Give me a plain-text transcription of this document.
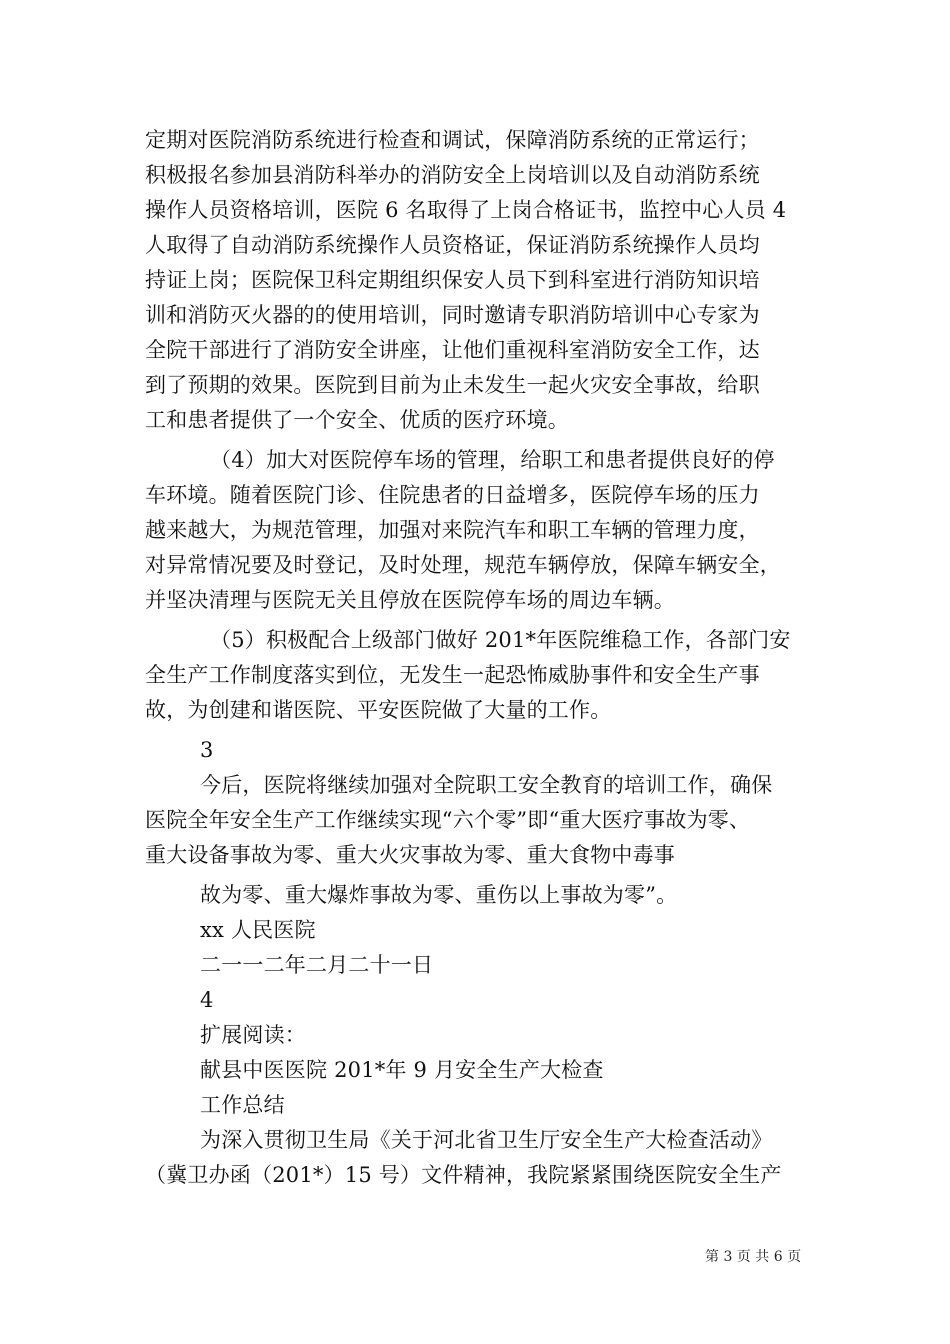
定期对医院消防系统进行检查和调试，保障消防系统的正常运行；
积极报名参加县消防科举办的消防安全上岗培训以及自动消防系统
操作人员资格培训，医院 6 名取得了上岗合格证书，监控中心人员 4
人取得了自动消防系统操作人员资格证，保证消防系统操作人员均
持证上岗；医院保卫科定期组织保安人员下到科室进行消防知识培
训和消防灭火器的的使用培训，同时邀请专职消防培训中心专家为
全院干部进行了消防安全讲座，让他们重视科室消防安全工作，达
到了预期的效果。医院到目前为止未发生一起火灾安全事故，给职
工和患者提供了一个安全、优质的医疗环境。
（4）加大对医院停车场的管理，给职工和患者提供良好的停
车环境。随着医院门诊、住院患者的日益增多，医院停车场的压力
越来越大，为规范管理，加强对来院汽车和职工车辆的管理力度，
对异常情况要及时登记，及时处理，规范车辆停放，保障车辆安全，
并坚决清理与医院无关且停放在医院停车场的周边车辆。
（5）积极配合上级部门做好 201*年医院维稳工作，各部门安
全生产工作制度落实到位，无发生一起恐怖威胁事件和安全生产事
故，为创建和谐医院、平安医院做了大量的工作。
3
今后，医院将继续加强对全院职工安全教育的培训工作，确保
医院全年安全生产工作继续实现“六个零”即“重大医疗事故为零、
重大设备事故为零、重大火灾事故为零、重大食物中毒事
故为零、重大爆炸事故为零、重伤以上事故为零”。
xx 人民医院
二一一二年二月二十一日
4
扩展阅读：
献县中医医院 201*年 9 月安全生产大检查
工作总结
为深入贯彻卫生局《关于河北省卫生厅安全生产大检查活动》
（冀卫办函（201*）15 号）文件精神，我院紧紧围绕医院安全生产
第 3 页 共 6 页
